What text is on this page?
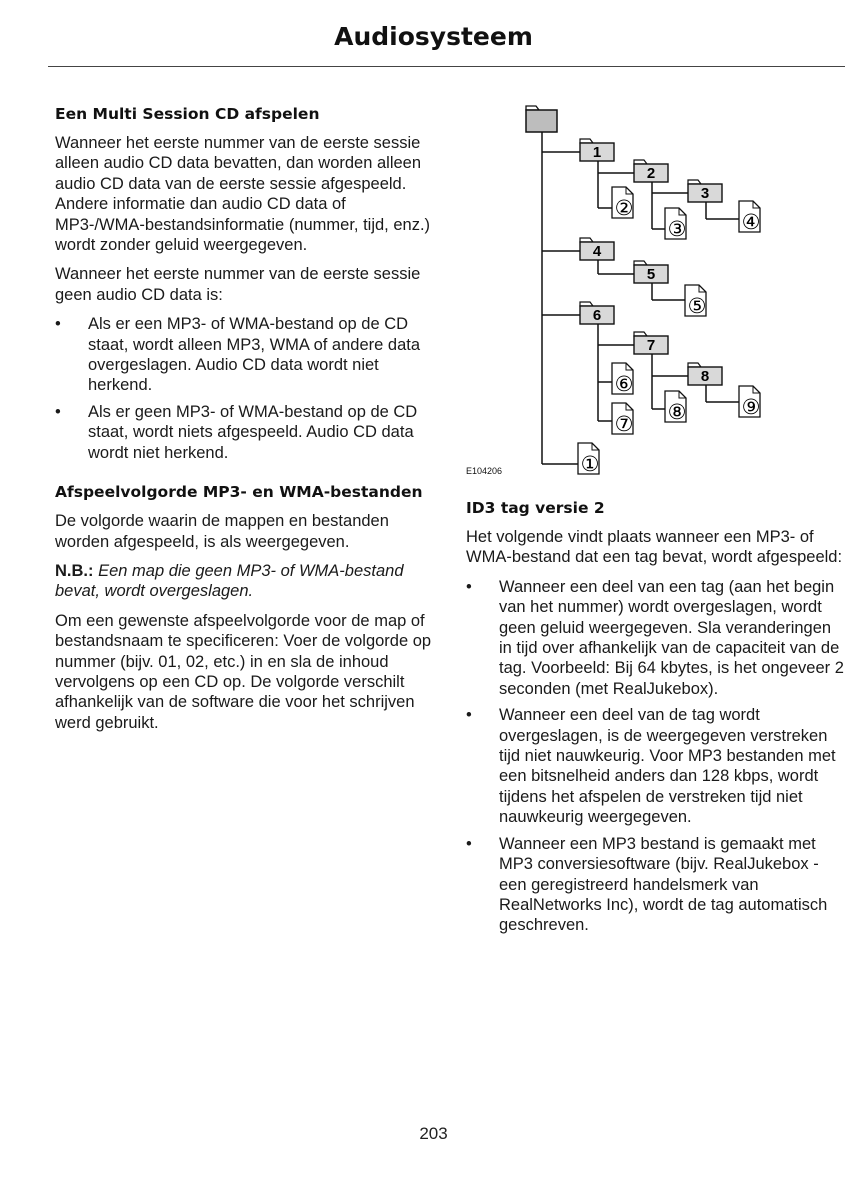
Audiosysteem
Een Multi Session CD afspelen

Wanneer het eerste nummer van de eerste sessie alleen audio CD data bevatten, dan worden alleen audio CD data van de eerste sessie afgespeeld. Andere informatie dan audio CD data of MP3-/WMA-bestandsinformatie (nummer, tijd, enz.) wordt zonder geluid weergegeven.

Wanneer het eerste nummer van de eerste sessie geen audio CD data is:

• Als er een MP3- of WMA-bestand op de CD staat, wordt alleen MP3, WMA of andere data overgeslagen. Audio CD data wordt niet herkend.
• Als er geen MP3- of WMA-bestand op de CD staat, wordt niets afgespeeld. Audio CD data wordt niet herkend.
Afspeelvolgorde MP3- en WMA-bestanden

De volgorde waarin de mappen en bestanden worden afgespeeld, is als weergegeven.

N.B.: Een map die geen MP3- of WMA-bestand bevat, wordt overgeslagen.

Om een gewenste afspeelvolgorde voor de map of bestandsnaam te specificeren: Voer de volgorde op nummer (bijv. 01, 02, etc.) in en sla de inhoud vervolgens op een CD op. De volgorde verschilt afhankelijk van de software die voor het schrijven werd gebruikt.

1
2
3
4
5
6
7
8
①
②
③	④
⑤
⑥
⑦ ⑧	⑨
E104206
ID3 tag versie 2

Het volgende vindt plaats wanneer een MP3- of WMA-bestand dat een tag bevat, wordt afgespeeld:

• Wanneer een deel van een tag (aan het begin van het nummer) wordt overgeslagen, wordt geen geluid weergegeven. Sla veranderingen in tijd over afhankelijk van de capaciteit van de tag. Voorbeeld: Bij 64 kbytes, is het ongeveer 2 seconden (met RealJukebox).
• Wanneer een deel van de tag wordt overgeslagen, is de weergegeven verstreken tijd niet nauwkeurig. Voor MP3 bestanden met een bitsnelheid anders dan 128 kbps, wordt tijdens het afspelen de verstreken tijd niet nauwkeurig weergegeven.
• Wanneer een MP3 bestand is gemaakt met MP3 conversiesoftware (bijv. RealJukebox - een geregistreerd handelsmerk van RealNetworks Inc), wordt de tag automatisch geschreven.
203
